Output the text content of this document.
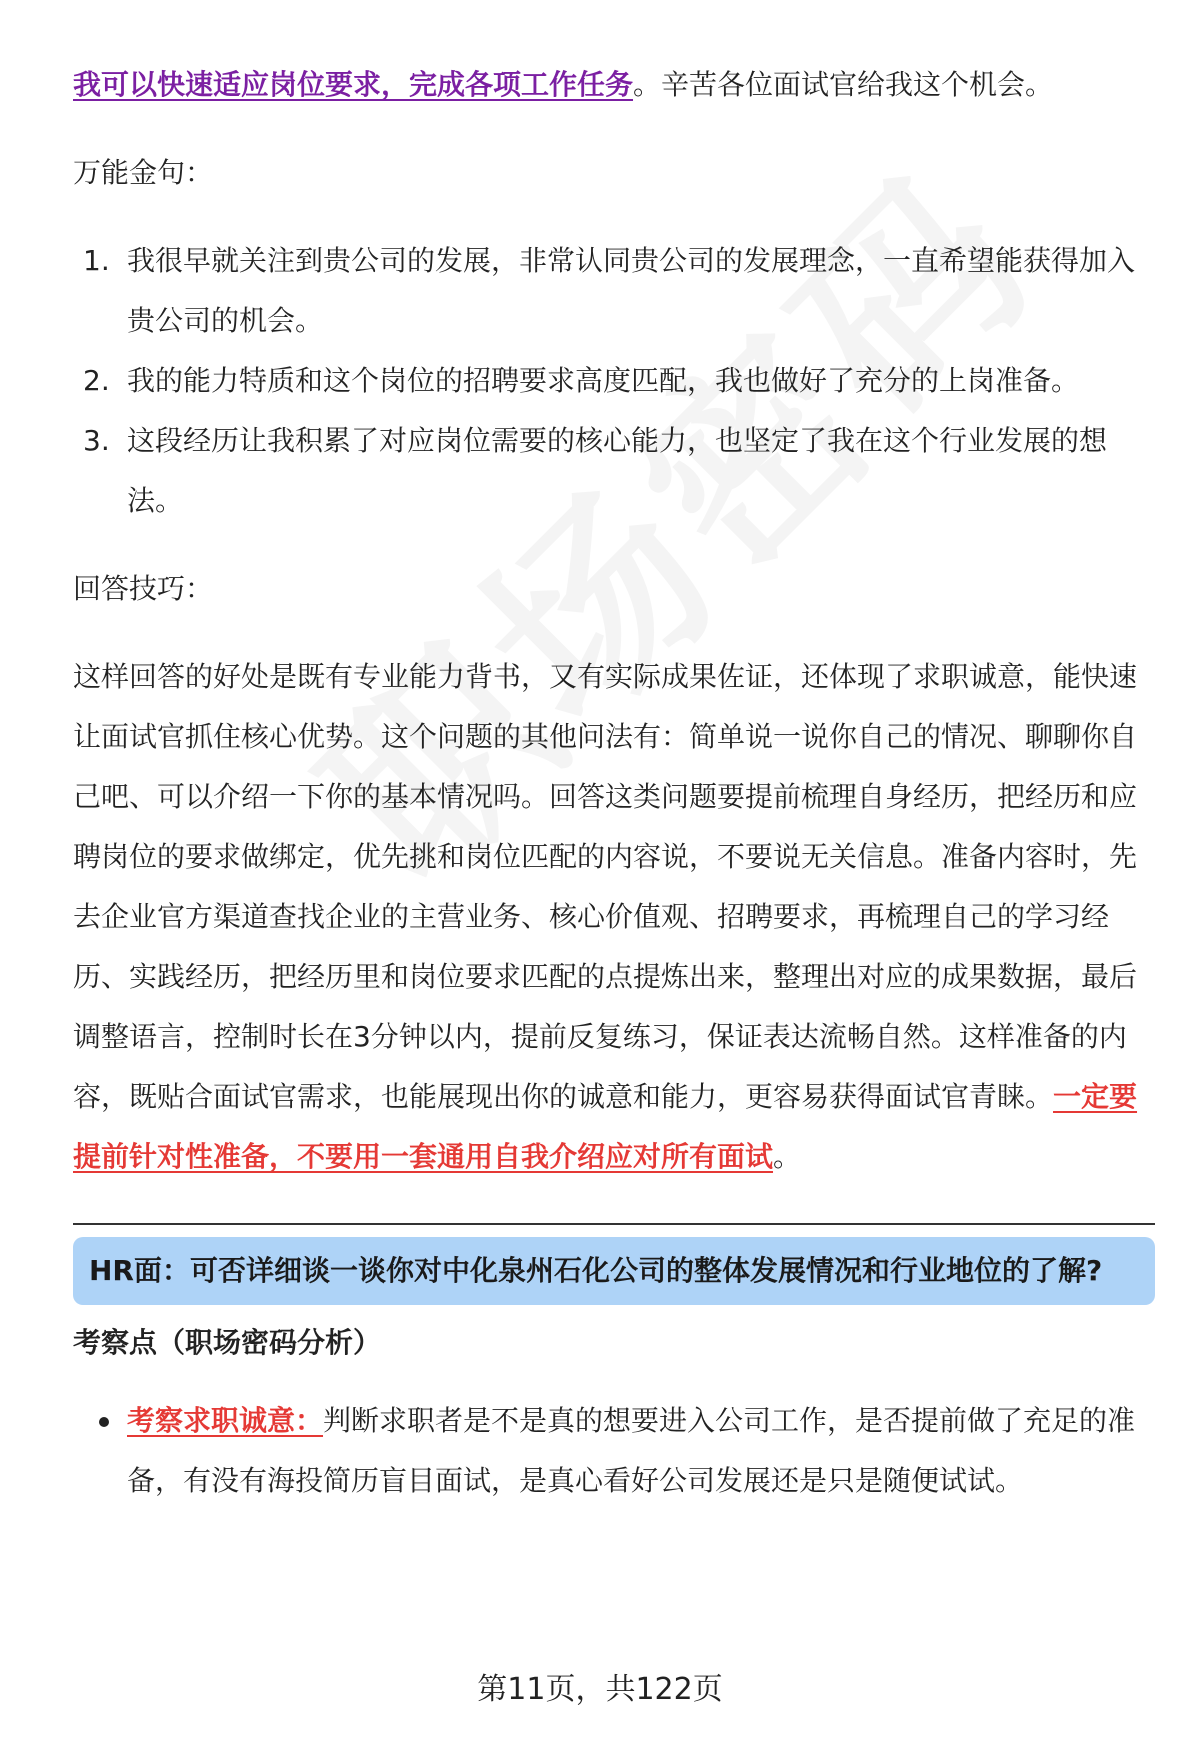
我可以快速适应岗位要求，完成各项工作任务。辛苦各位面试官给我这个机会。

万能金句：

1. 我很早就关注到贵公司的发展，非常认同贵公司的发展理念，一直希望能获得加入贵公司的机会。
2. 我的能力特质和这个岗位的招聘要求高度匹配，我也做好了充分的上岗准备。
3. 这段经历让我积累了对应岗位需要的核心能力，也坚定了我在这个行业发展的想法。

回答技巧：

这样回答的好处是既有专业能力背书，又有实际成果佐证，还体现了求职诚意，能快速让面试官抓住核心优势。这个问题的其他问法有：简单说一说你自己的情况、聊聊你自己吧、可以介绍一下你的基本情况吗。回答这类问题要提前梳理自身经历，把经历和应聘岗位的要求做绑定，优先挑和岗位匹配的内容说，不要说无关信息。准备内容时，先去企业官方渠道查找企业的主营业务、核心价值观、招聘要求，再梳理自己的学习经历、实践经历，把经历里和岗位要求匹配的点提炼出来，整理出对应的成果数据，最后调整语言，控制时长在3分钟以内，提前反复练习，保证表达流畅自然。这样准备的内容，既贴合面试官需求，也能展现出你的诚意和能力，更容易获得面试官青睐。一定要提前针对性准备，不要用一套通用自我介绍应对所有面试。

HR面：可否详细谈一谈你对中化泉州石化公司的整体发展情况和行业地位的了解?
考察点（职场密码分析）
考察求职诚意：判断求职者是不是真的想要进入公司工作，是否提前做了充足的准备，有没有海投简历盲目面试，是真心看好公司发展还是只是随便试试。
第11页，共122页
